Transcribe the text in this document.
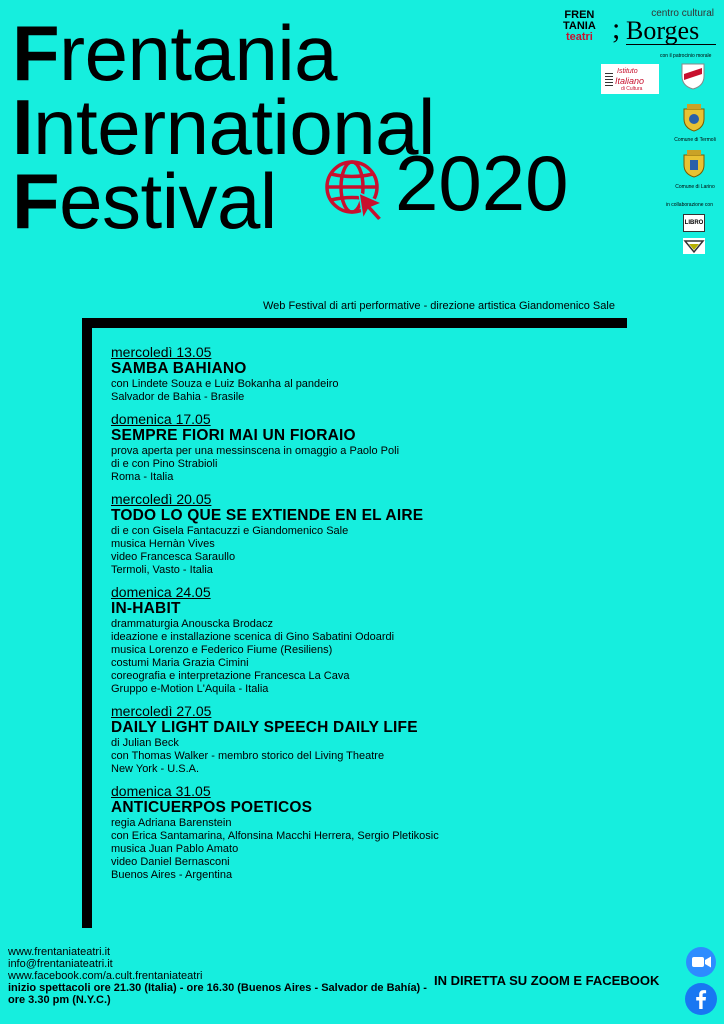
Frentania
International
Festival 2020
FREN
TANIA
teatri
centro cultural
; Borges
con il patrocinio morale
Istituto
Italiano
di Cultura
Comune di Termoli
Comune di Larino
in collaborazione con
LIBRO
Web Festival di arti performative - direzione artistica Giandomenico Sale
mercoledì 13.05
SAMBA BAHIANO
con Lindete Souza e Luiz Bokanha al pandeiro
Salvador de Bahia - Brasile
domenica 17.05
SEMPRE FIORI MAI UN FIORAIO
prova aperta per una messinscena in omaggio a Paolo Poli
di e con Pino Strabioli
Roma - Italia
mercoledì 20.05
TODO LO QUE SE EXTIENDE EN EL AIRE
di e con Gisela Fantacuzzi e Giandomenico Sale
musica Hernàn Vives
video Francesca Saraullo
Termoli, Vasto - Italia
domenica 24.05
IN-HABIT
drammaturgia Anouscka Brodacz
ideazione e installazione scenica di Gino Sabatini Odoardi
musica Lorenzo e Federico Fiume (Resiliens)
costumi Maria Grazia Cimini
coreografia e interpretazione Francesca La Cava
Gruppo e-Motion L'Aquila - Italia
mercoledì 27.05
DAILY LIGHT DAILY SPEECH DAILY LIFE
di Julian Beck
con Thomas Walker - membro storico del Living Theatre
New York - U.S.A.
domenica 31.05
ANTICUERPOS POETICOS
regia Adriana Barenstein
con Erica Santamarina, Alfonsina Macchi Herrera, Sergio Pletikosic
musica Juan Pablo Amato
video Daniel Bernasconi
Buenos Aires - Argentina
www.frentaniateatri.it
info@frentaniateatri.it
www.facebook.com/a.cult.frentaniateatri
inizio spettacoli ore 21.30 (Italia) - ore 16.30 (Buenos Aires - Salvador de Bahía) - ore 3.30 pm (N.Y.C.)
IN DIRETTA SU ZOOM E FACEBOOK
